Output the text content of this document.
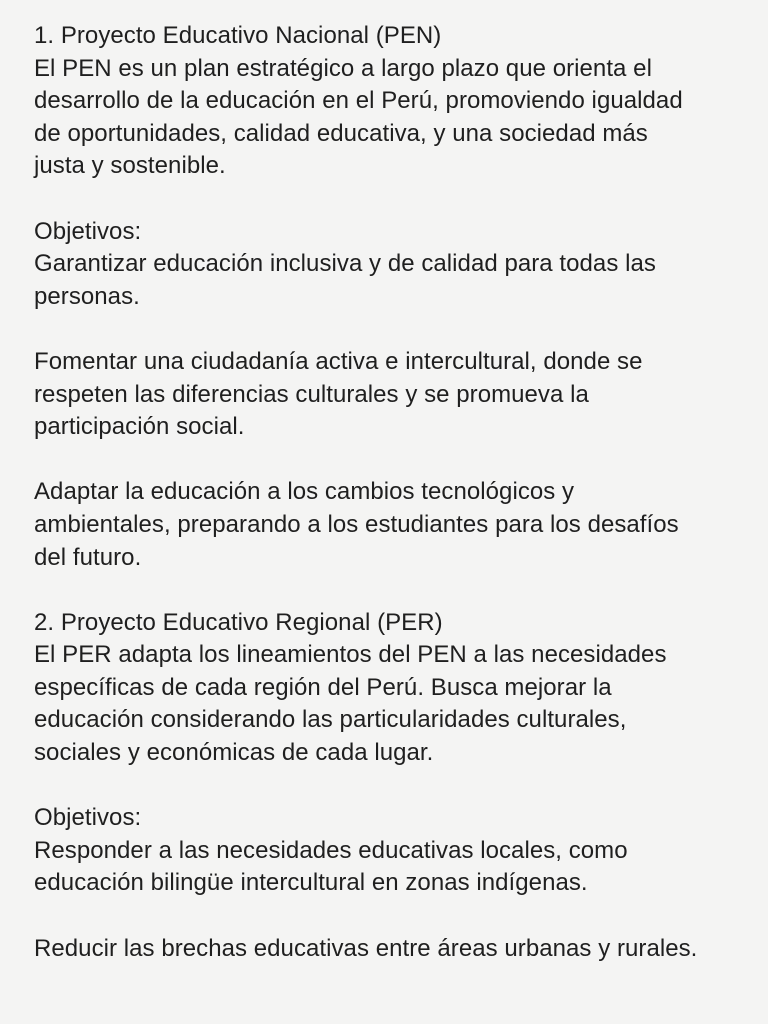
1. Proyecto Educativo Nacional (PEN)
El PEN es un plan estratégico a largo plazo que orienta el
desarrollo de la educación en el Perú, promoviendo igualdad
de oportunidades, calidad educativa, y una sociedad más
justa y sostenible.
Objetivos:
Garantizar educación inclusiva y de calidad para todas las
personas.
Fomentar una ciudadanía activa e intercultural, donde se
respeten las diferencias culturales y se promueva la
participación social.
Adaptar la educación a los cambios tecnológicos y
ambientales, preparando a los estudiantes para los desafíos
del futuro.
2. Proyecto Educativo Regional (PER)
El PER adapta los lineamientos del PEN a las necesidades
específicas de cada región del Perú. Busca mejorar la
educación considerando las particularidades culturales,
sociales y económicas de cada lugar.
Objetivos:
Responder a las necesidades educativas locales, como
educación bilingüe intercultural en zonas indígenas.
Reducir las brechas educativas entre áreas urbanas y rurales.
